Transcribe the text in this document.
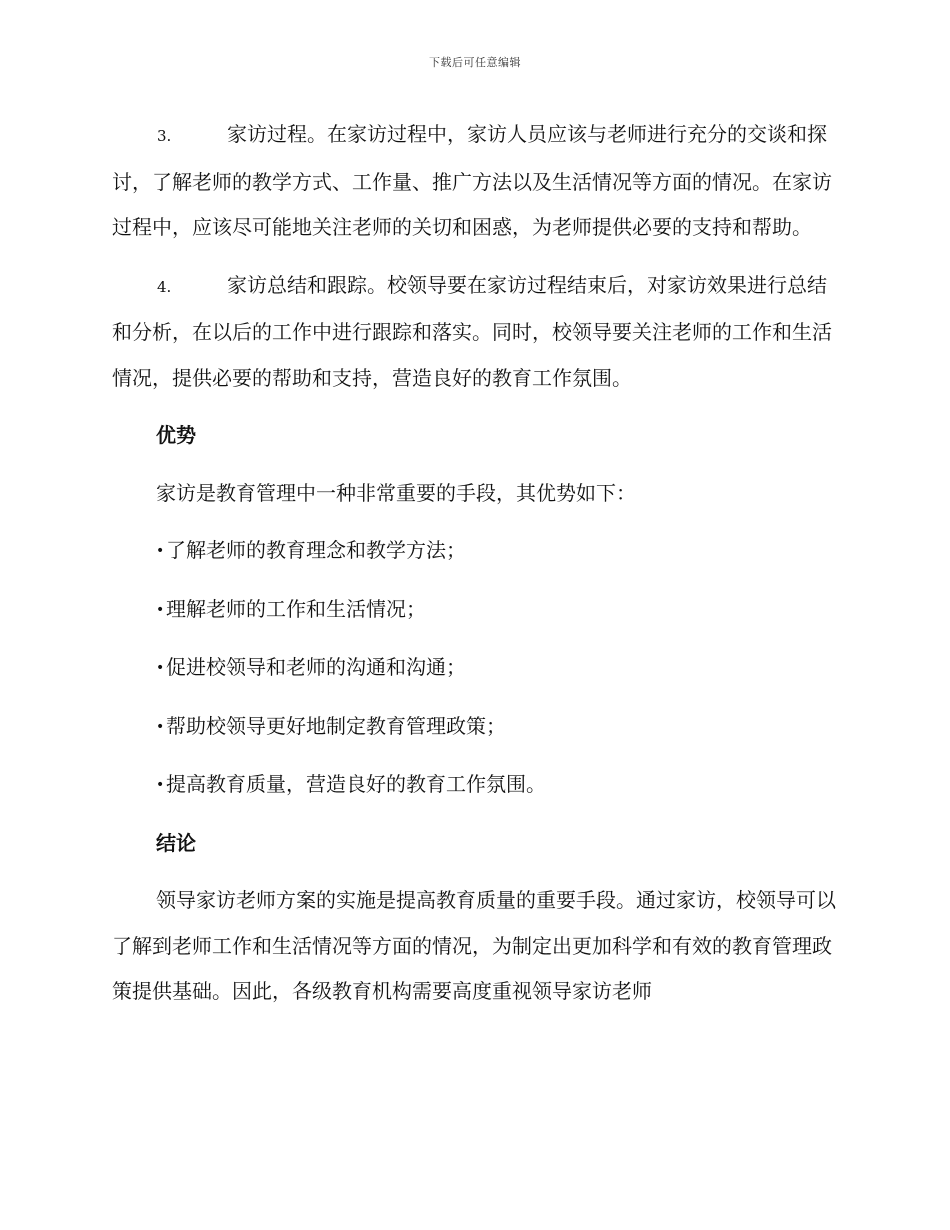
下载后可任意编辑

3.	家访过程。在家访过程中，家访人员应该与老师进行充分的交谈和探讨，了解老师的教学方式、工作量、推广方法以及生活情况等方面的情况。在家访过程中，应该尽可能地关注老师的关切和困惑，为老师提供必要的支持和帮助。

4.	家访总结和跟踪。校领导要在家访过程结束后，对家访效果进行总结和分析，在以后的工作中进行跟踪和落实。同时，校领导要关注老师的工作和生活情况，提供必要的帮助和支持，营造良好的教育工作氛围。

优势

家访是教育管理中一种非常重要的手段，其优势如下：

•了解老师的教育理念和教学方法；

•理解老师的工作和生活情况；

•促进校领导和老师的沟通和沟通；

•帮助校领导更好地制定教育管理政策；

•提高教育质量，营造良好的教育工作氛围。

结论

领导家访老师方案的实施是提高教育质量的重要手段。通过家访，校领导可以了解到老师工作和生活情况等方面的情况，为制定出更加科学和有效的教育管理政策提供基础。因此，各级教育机构需要高度重视领导家访老师
